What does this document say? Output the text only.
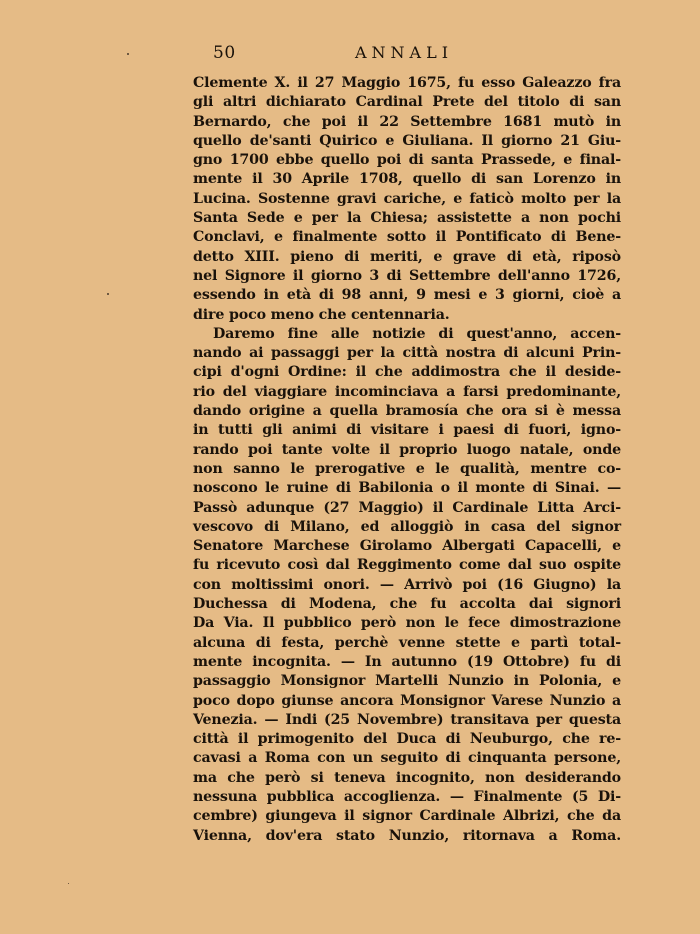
50	ANNALI
Clemente X. il 27 Maggio 1675, fu esso Galeazzo fra
gli altri dichiarato Cardinal Prete del titolo di san
Bernardo, che poi il 22 Settembre 1681 mutò in
quello de'santi Quirico e Giuliana. Il giorno 21 Giu-
gno 1700 ebbe quello poi di santa Prassede, e final-
mente il 30 Aprile 1708, quello di san Lorenzo in
Lucina. Sostenne gravi cariche, e faticò molto per la
Santa Sede e per la Chiesa; assistette a non pochi
Conclavi, e finalmente sotto il Pontificato di Bene-
detto XIII. pieno di meriti, e grave di età, riposò
nel Signore il giorno 3 di Settembre dell'anno 1726,
essendo in età di 98 anni, 9 mesi e 3 giorni, cioè a
dire poco meno che centennaria.
Daremo fine alle notizie di quest'anno, accen-
nando ai passaggi per la città nostra di alcuni Prin-
cipi d'ogni Ordine: il che addimostra che il deside-
rio del viaggiare incominciava a farsi predominante,
dando origine a quella bramosía che ora si è messa
in tutti gli animi di visitare i paesi di fuori, igno-
rando poi tante volte il proprio luogo natale, onde
non sanno le prerogative e le qualità, mentre co-
noscono le ruine di Babilonia o il monte di Sinai. —
Passò adunque (27 Maggio) il Cardinale Litta Arci-
vescovo di Milano, ed alloggiò in casa del signor
Senatore Marchese Girolamo Albergati Capacelli, e
fu ricevuto così dal Reggimento come dal suo ospite
con moltissimi onori. — Arrivò poi (16 Giugno) la
Duchessa di Modena, che fu accolta dai signori
Da Via. Il pubblico però non le fece dimostrazione
alcuna di festa, perchè venne stette e partì total-
mente incognita. — In autunno (19 Ottobre) fu di
passaggio Monsignor Martelli Nunzio in Polonia, e
poco dopo giunse ancora Monsignor Varese Nunzio a
Venezia. — Indi (25 Novembre) transitava per questa
città il primogenito del Duca di Neuburgo, che re-
cavasi a Roma con un seguito di cinquanta persone,
ma che però si teneva incognito, non desiderando
nessuna pubblica accoglienza. — Finalmente (5 Di-
cembre) giungeva il signor Cardinale Albrizi, che da
Vienna, dov'era stato Nunzio, ritornava a Roma.
